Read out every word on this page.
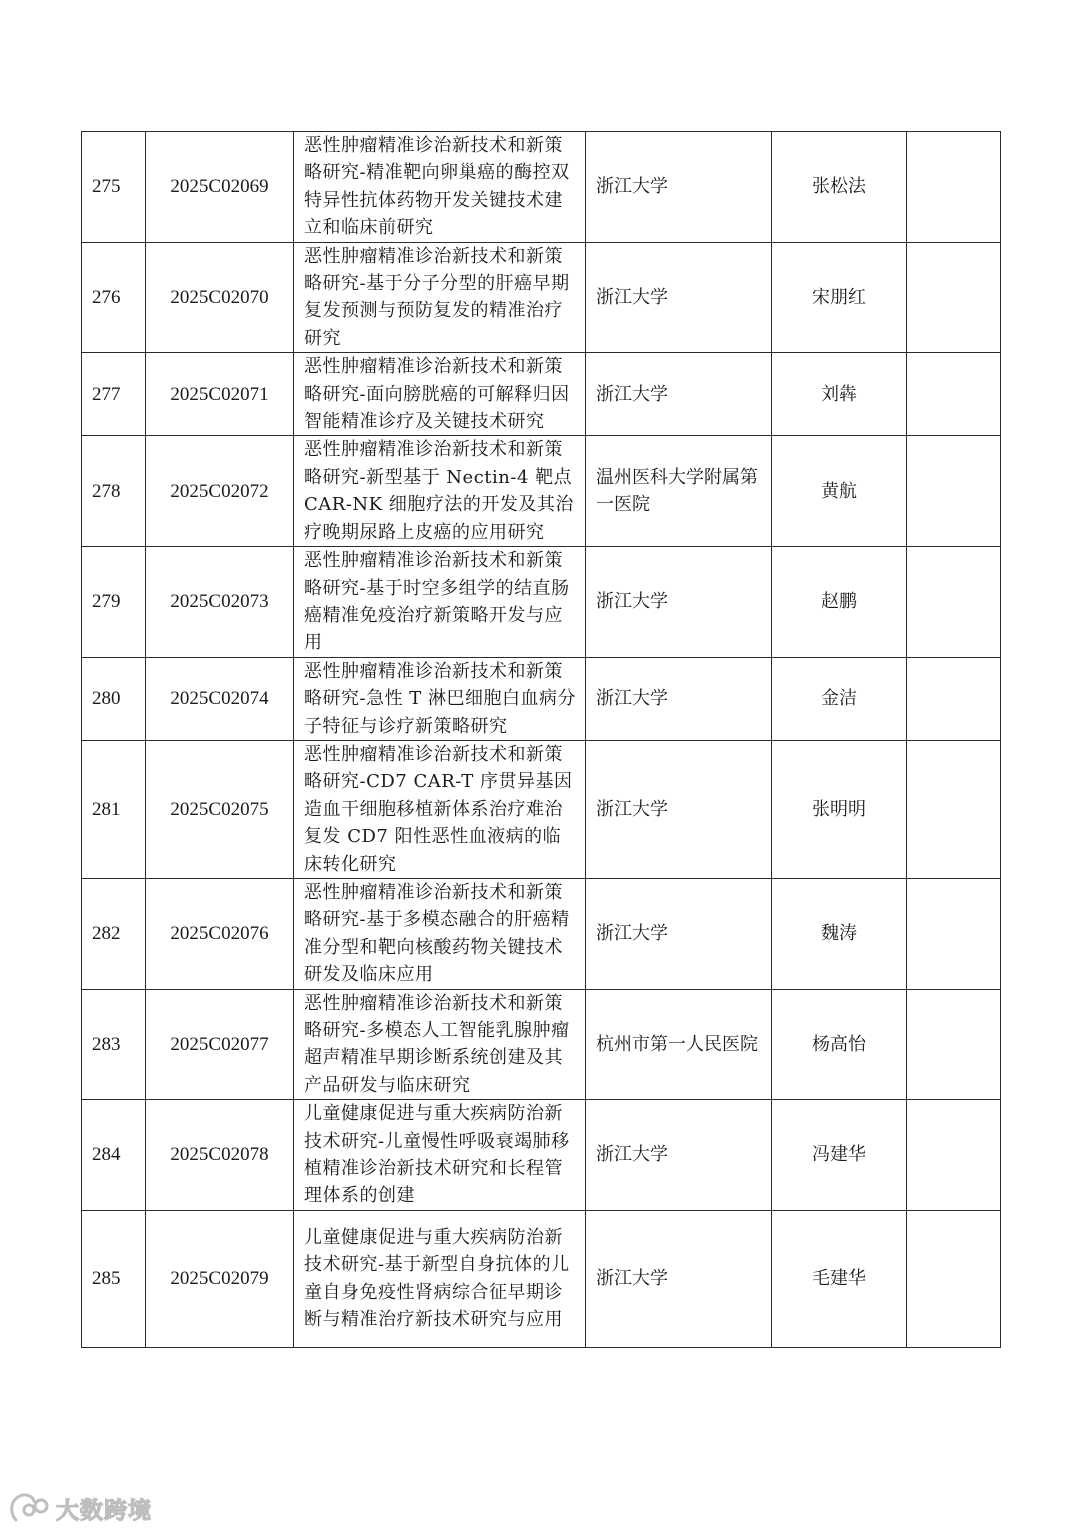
275	2025C02069	恶性肿瘤精准诊治新技术和新策略研究-精准靶向卵巢癌的酶控双特异性抗体药物开发关键技术建立和临床前研究	浙江大学	张松法	
276	2025C02070	恶性肿瘤精准诊治新技术和新策略研究-基于分子分型的肝癌早期复发预测与预防复发的精准治疗研究	浙江大学	宋朋红	
277	2025C02071	恶性肿瘤精准诊治新技术和新策略研究-面向膀胱癌的可解释归因智能精准诊疗及关键技术研究	浙江大学	刘犇	
278	2025C02072	恶性肿瘤精准诊治新技术和新策略研究-新型基于 Nectin-4 靶点 CAR-NK 细胞疗法的开发及其治疗晚期尿路上皮癌的应用研究	温州医科大学附属第一医院	黄航	
279	2025C02073	恶性肿瘤精准诊治新技术和新策略研究-基于时空多组学的结直肠癌精准免疫治疗新策略开发与应用	浙江大学	赵鹏	
280	2025C02074	恶性肿瘤精准诊治新技术和新策略研究-急性 T 淋巴细胞白血病分子特征与诊疗新策略研究	浙江大学	金洁	
281	2025C02075	恶性肿瘤精准诊治新技术和新策略研究-CD7 CAR-T 序贯异基因造血干细胞移植新体系治疗难治复发 CD7 阳性恶性血液病的临床转化研究	浙江大学	张明明	
282	2025C02076	恶性肿瘤精准诊治新技术和新策略研究-基于多模态融合的肝癌精准分型和靶向核酸药物关键技术研发及临床应用	浙江大学	魏涛	
283	2025C02077	恶性肿瘤精准诊治新技术和新策略研究-多模态人工智能乳腺肿瘤超声精准早期诊断系统创建及其产品研发与临床研究	杭州市第一人民医院	杨高怡	
284	2025C02078	儿童健康促进与重大疾病防治新技术研究-儿童慢性呼吸衰竭肺移植精准诊治新技术研究和长程管理体系的创建	浙江大学	冯建华	
285	2025C02079	儿童健康促进与重大疾病防治新技术研究-基于新型自身抗体的儿童自身免疫性肾病综合征早期诊断与精准治疗新技术研究与应用	浙江大学	毛建华	
大数跨境
